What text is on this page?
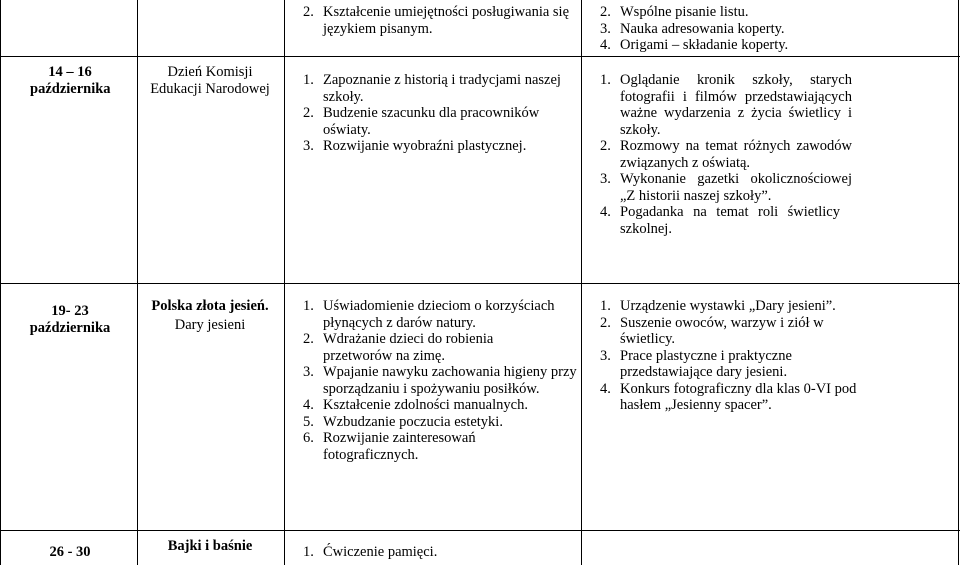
2. Kształcenie umiejętności posługiwania się językiem pisanym.
2. Wspólne pisanie listu.
3. Nauka adresowania koperty.
4. Origami – składanie koperty.
14 – 16 października
Dzień Komisji Edukacji Narodowej
1. Zapoznanie z historią i tradycjami naszej szkoły.
2. Budzenie szacunku dla pracowników oświaty.
3. Rozwijanie wyobraźni plastycznej.
1. Oglądanie kronik szkoły, starych fotografii i filmów przedstawiających ważne wydarzenia z życia świetlicy i szkoły.
2. Rozmowy na temat różnych zawodów związanych z oświatą.
3. Wykonanie gazetki okolicznościowej „Z historii naszej szkoły”.
4. Pogadanka na temat roli świetlicy szkolnej.
19- 23 października
Polska złota jesień.
Dary jesieni
1. Uświadomienie dzieciom o korzyściach płynących z darów natury.
2. Wdrażanie dzieci do robienia przetworów na zimę.
3. Wpajanie nawyku zachowania higieny przy sporządzaniu i spożywaniu posiłków.
4. Kształcenie zdolności manualnych.
5. Wzbudzanie poczucia estetyki.
6. Rozwijanie zainteresowań fotograficznych.
1. Urządzenie wystawki „Dary jesieni”.
2. Suszenie owoców, warzyw i ziół w świetlicy.
3. Prace plastyczne i praktyczne przedstawiające dary jesieni.
4. Konkurs fotograficzny dla klas 0-VI pod hasłem „Jesienny spacer”.
26 - 30	Bajki i baśnie	1. Ćwiczenie pamięci.
